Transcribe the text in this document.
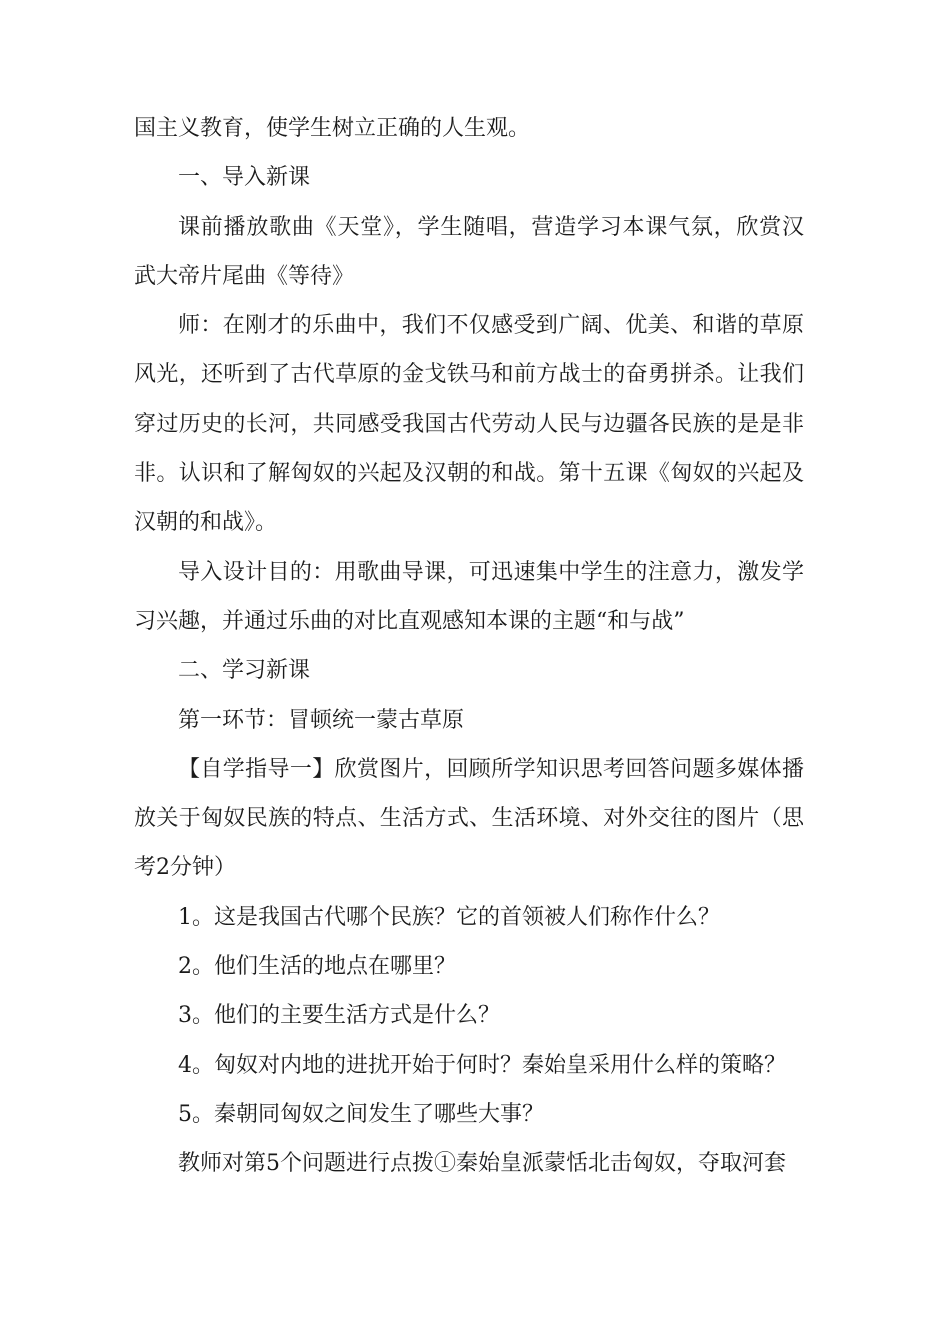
国主义教育，使学生树立正确的人生观。

一、导入新课

课前播放歌曲《天堂》，学生随唱，营造学习本课气氛，欣赏汉武大帝片尾曲《等待》

师：在刚才的乐曲中，我们不仅感受到广阔、优美、和谐的草原风光，还听到了古代草原的金戈铁马和前方战士的奋勇拼杀。让我们穿过历史的长河，共同感受我国古代劳动人民与边疆各民族的是是非非。认识和了解匈奴的兴起及汉朝的和战。第十五课《匈奴的兴起及汉朝的和战》。

导入设计目的：用歌曲导课，可迅速集中学生的注意力，激发学习兴趣，并通过乐曲的对比直观感知本课的主题“和与战”

二、学习新课

第一环节：冒顿统一蒙古草原

【自学指导一】欣赏图片，回顾所学知识思考回答问题多媒体播放关于匈奴民族的特点、生活方式、生活环境、对外交往的图片（思考2分钟）

1。这是我国古代哪个民族？它的首领被人们称作什么？

2。他们生活的地点在哪里？

3。他们的主要生活方式是什么？

4。匈奴对内地的进扰开始于何时？秦始皇采用什么样的策略？

5。秦朝同匈奴之间发生了哪些大事？

教师对第5个问题进行点拨①秦始皇派蒙恬北击匈奴，夺取河套
